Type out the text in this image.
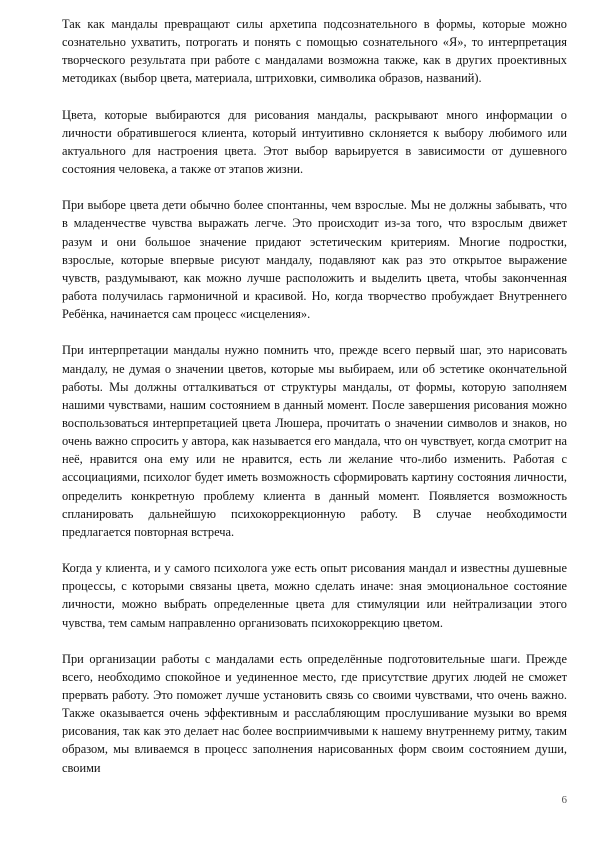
Так как мандалы превращают силы архетипа подсознательного в формы, которые можно сознательно ухватить, потрогать и понять с помощью сознательного «Я», то интерпретация творческого результата при работе с мандалами возможна также, как в других проективных методиках (выбор цвета, материала, штриховки, символика образов, названий).

Цвета, которые выбираются для рисования мандалы, раскрывают много информации о личности обратившегося клиента, который интуитивно склоняется к выбору любимого или актуального для настроения цвета. Этот выбор варьируется в зависимости от душевного состояния человека, а также от этапов жизни.

При выборе цвета дети обычно более спонтанны, чем взрослые. Мы не должны забывать, что в младенчестве чувства выражать легче. Это происходит из-за того, что взрослым движет разум и они большое значение придают эстетическим критериям. Многие подростки, взрослые, которые впервые рисуют мандалу, подавляют как раз это открытое выражение чувств, раздумывают, как можно лучше расположить и выделить цвета, чтобы законченная работа получилась гармоничной и красивой. Но, когда творчество пробуждает Внутреннего Ребёнка, начинается сам процесс «исцеления».

При интерпретации мандалы нужно помнить что, прежде всего первый шаг, это нарисовать мандалу, не думая о значении цветов, которые мы выбираем, или об эстетике окончательной работы. Мы должны отталкиваться от структуры мандалы, от формы, которую заполняем нашими чувствами, нашим состоянием в данный момент. После завершения рисования можно воспользоваться интерпретацией цвета Люшера, прочитать о значении символов и знаков, но очень важно спросить у автора, как называется его мандала, что он чувствует, когда смотрит на неё, нравится она ему или не нравится, есть ли желание что-либо изменить. Работая с ассоциациями, психолог будет иметь возможность сформировать картину состояния личности, определить конкретную проблему клиента в данный момент. Появляется возможность спланировать дальнейшую психокоррекционную работу. В случае необходимости предлагается повторная встреча.

Когда у клиента, и у самого психолога уже есть опыт рисования мандал и известны душевные процессы, с которыми связаны цвета, можно сделать иначе: зная эмоциональное состояние личности, можно выбрать определенные цвета для стимуляции или нейтрализации этого чувства, тем самым направленно организовать психокоррекцию цветом.

При организации работы с мандалами есть определённые подготовительные шаги. Прежде всего, необходимо спокойное и уединенное место, где присутствие других людей не сможет прервать работу. Это поможет лучше установить связь со своими чувствами, что очень важно. Также оказывается очень эффективным и расслабляющим прослушивание музыки во время рисования, так как это делает нас более восприимчивыми к нашему внутреннему ритму, таким образом, мы вливаемся в процесс заполнения нарисованных форм своим состоянием души, своими

6
